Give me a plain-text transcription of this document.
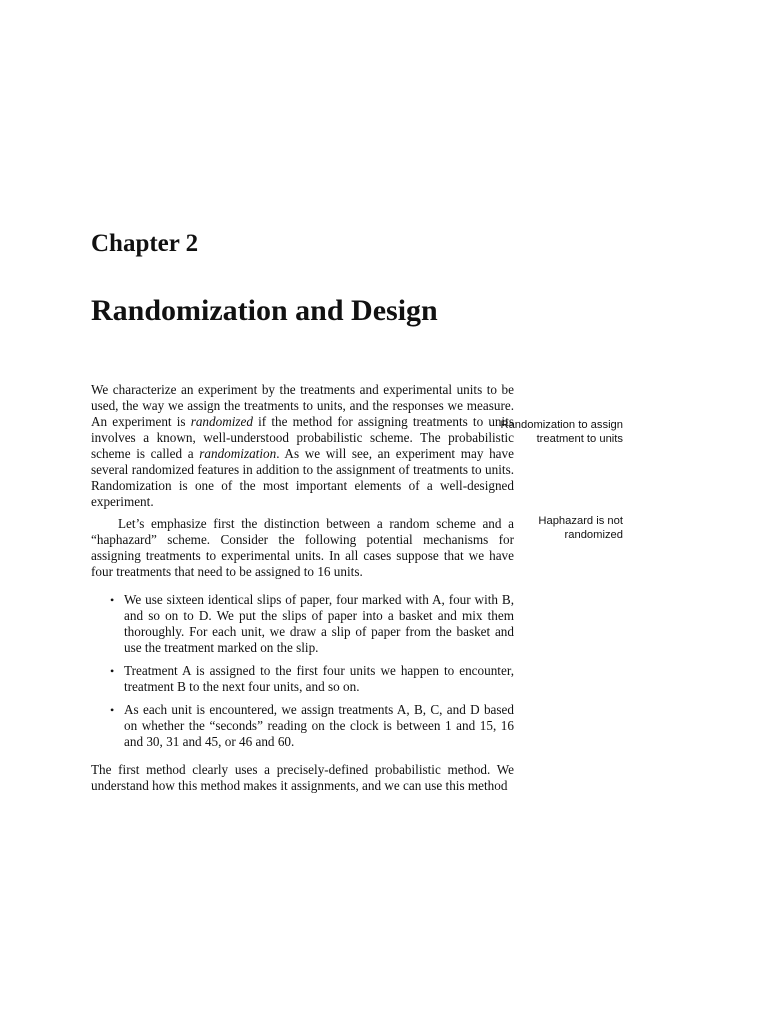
Chapter 2
Randomization and Design

We characterize an experiment by the treatments and experimental units to be used, the way we assign the treatments to units, and the responses we measure. An experiment is randomized if the method for assigning treatments to units involves a known, well-understood probabilistic scheme. The probabilistic scheme is called a randomization. As we will see, an experiment may have several randomized features in addition to the assignment of treatments to units. Randomization is one of the most important elements of a well-designed experiment.

Let’s emphasize first the distinction between a random scheme and a “haphazard” scheme. Consider the following potential mechanisms for assigning treatments to experimental units. In all cases suppose that we have four treatments that need to be assigned to 16 units.

• We use sixteen identical slips of paper, four marked with A, four with B, and so on to D. We put the slips of paper into a basket and mix them thoroughly. For each unit, we draw a slip of paper from the basket and use the treatment marked on the slip.
• Treatment A is assigned to the first four units we happen to encounter, treatment B to the next four units, and so on.
• As each unit is encountered, we assign treatments A, B, C, and D based on whether the “seconds” reading on the clock is between 1 and 15, 16 and 30, 31 and 45, or 46 and 60.

The first method clearly uses a precisely-defined probabilistic method. We understand how this method makes it assignments, and we can use this method

Randomization to assign treatment to units
Haphazard is not randomized
